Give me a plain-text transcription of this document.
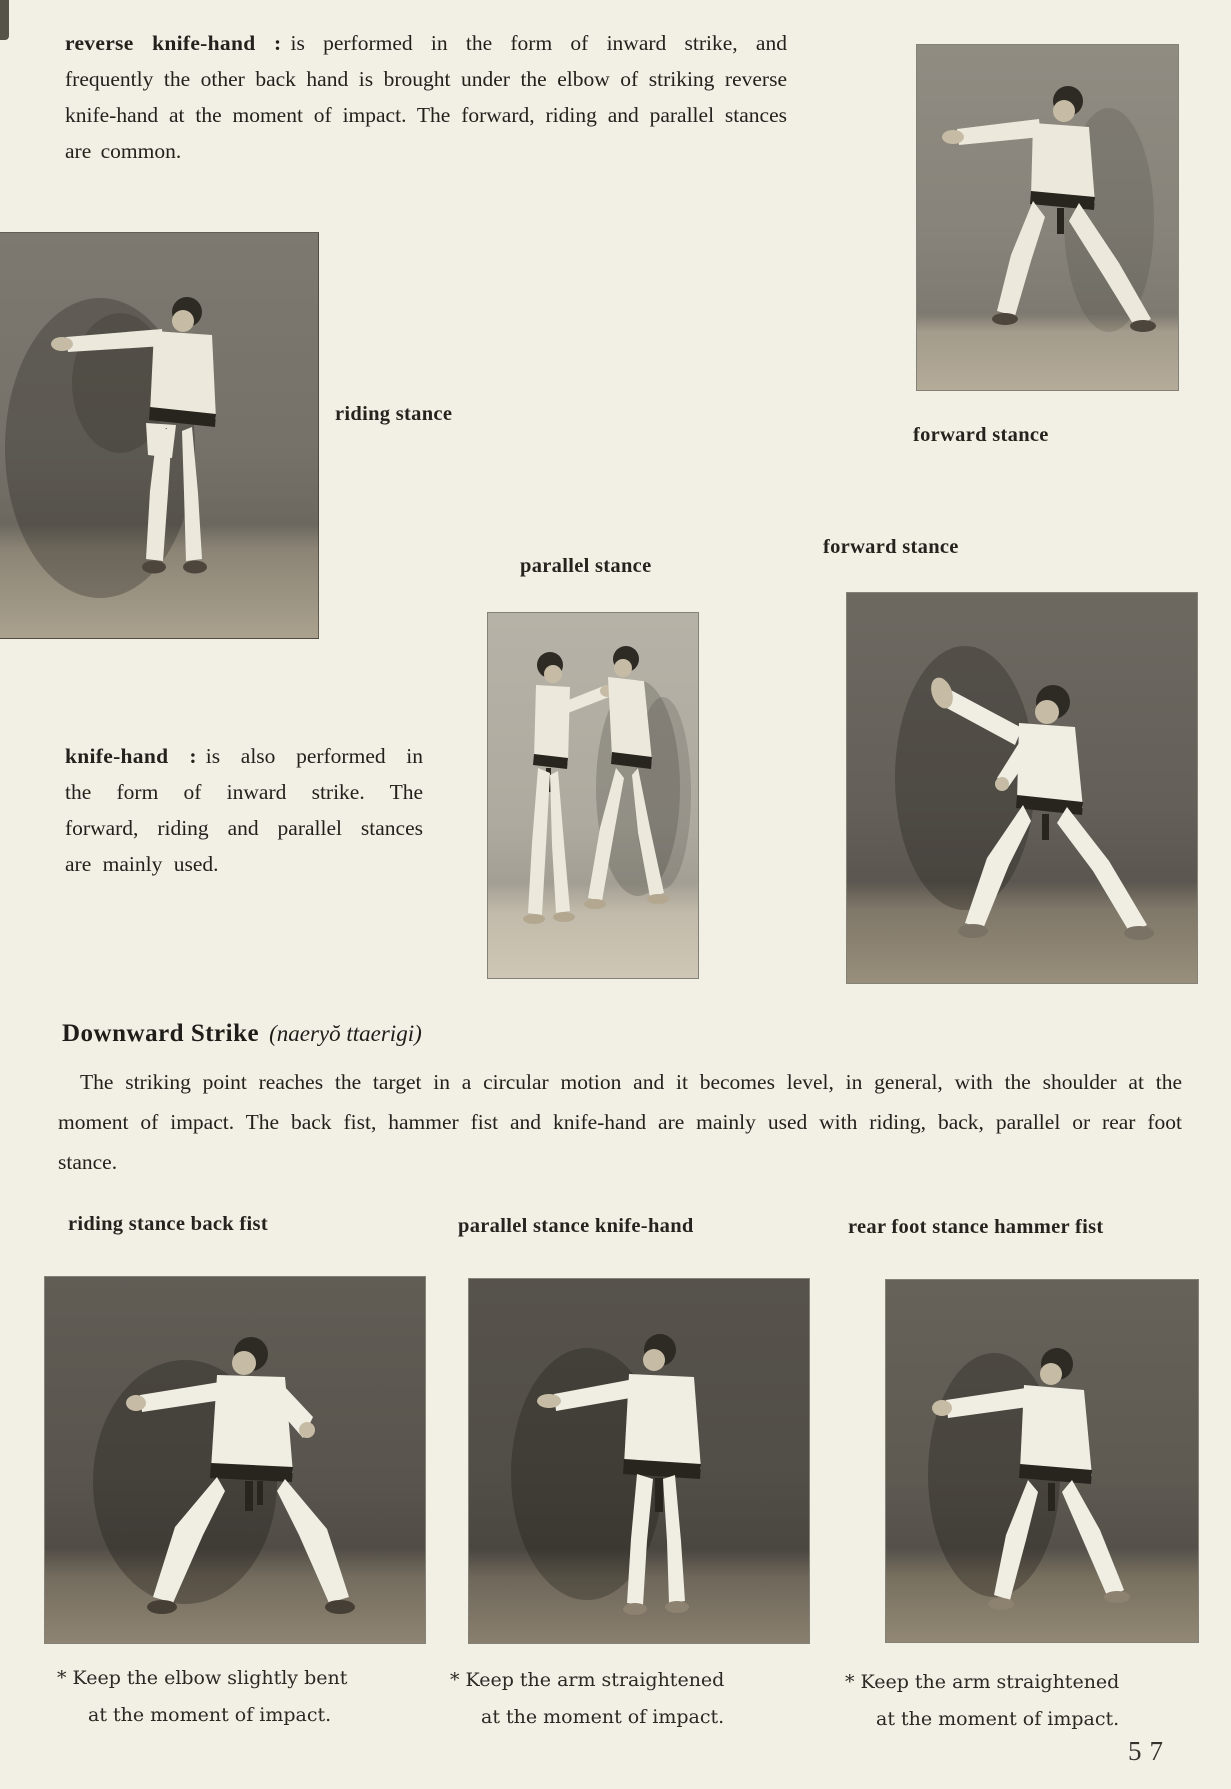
reverse knife-hand : is performed in the form of inward strike, and frequently the other back hand is brought under the elbow of striking reverse knife-hand at the moment of impact. The forward, riding and parallel stances are common.
forward stance
riding stance
parallel stance
forward stance
knife-hand : is also performed in the form of inward strike. The forward, riding and parallel stances are mainly used.
Downward Strike (naeryŏ ttaerigi)
The striking point reaches the target in a circular motion and it becomes level, in general, with the shoulder at the moment of impact. The back fist, hammer fist and knife-hand are mainly used with riding, back, parallel or rear foot stance.
riding stance back fist	parallel stance knife-hand	rear foot stance hammer fist
* Keep the elbow slightly bent
at the moment of impact.
* Keep the arm straightened
at the moment of impact.
* Keep the arm straightened
at the moment of impact.
57
